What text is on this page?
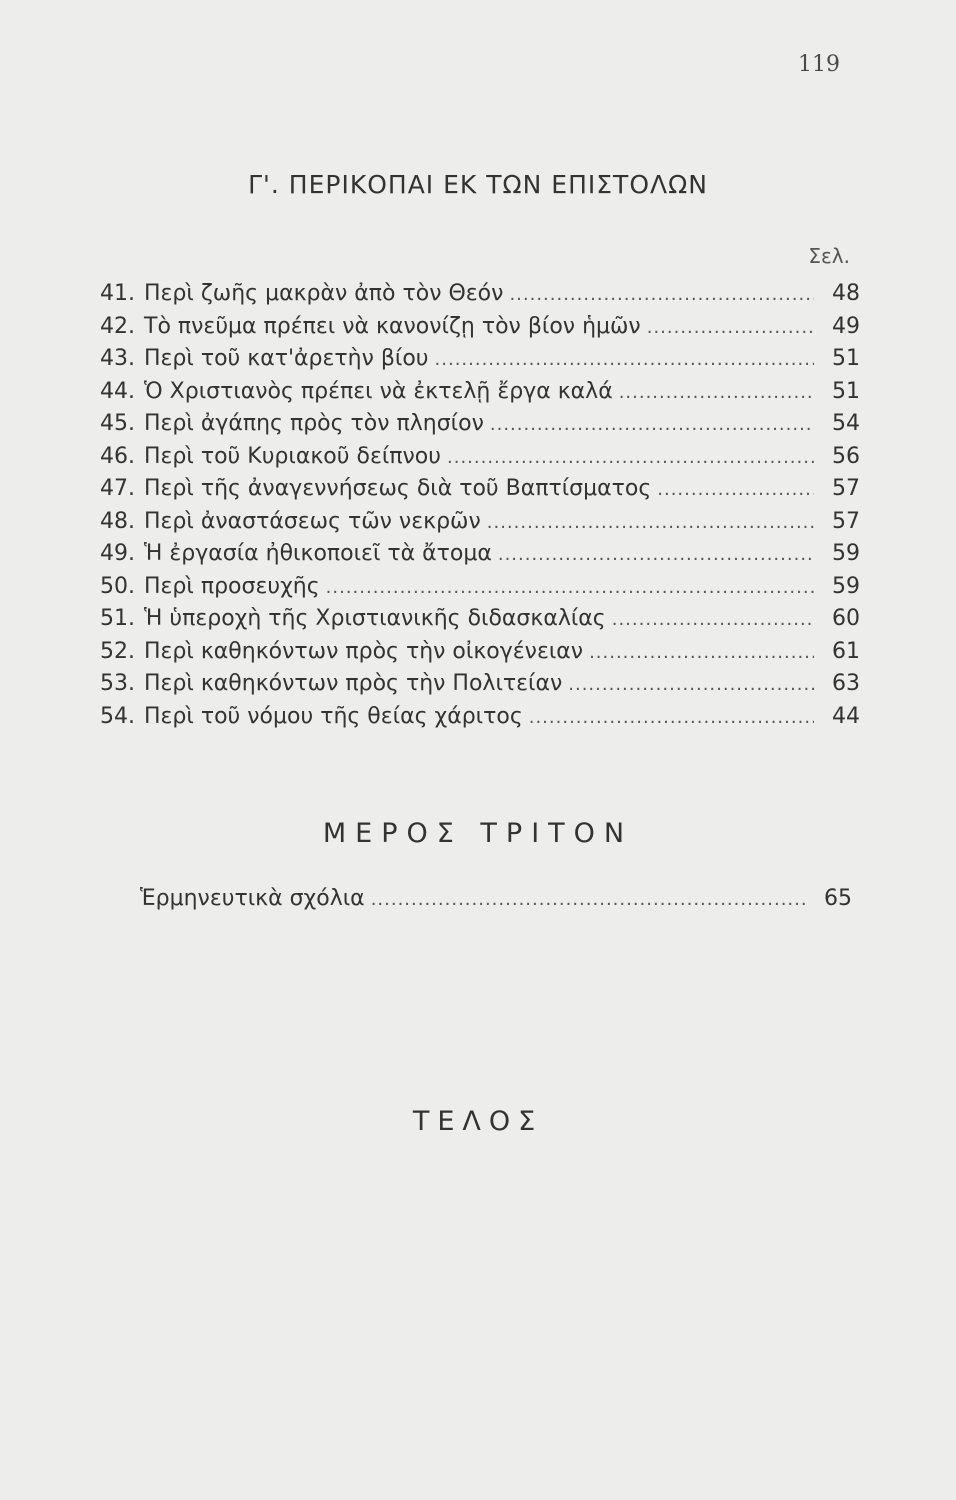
119
Γ'. ΠΕΡΙΚΟΠΑΙ ΕΚ ΤΩΝ ΕΠΙΣΤΟΛΩΝ
Σελ.
41. Περὶ ζωῆς μακρὰν ἀπὸ τὸν Θεόν .....	48
42. Τὸ πνεῦμα πρέπει νὰ κανονίζῃ τὸν βίον ἡμῶν .....	49
43. Περὶ τοῦ κατ'ἀρετὴν βίου .....	51
44. Ὁ Χριστιανὸς πρέπει νὰ ἐκτελῇ ἔργα καλά .....	51
45. Περὶ ἀγάπης πρὸς τὸν πλησίον .....	54
46. Περὶ τοῦ Κυριακοῦ δείπνου .....	56
47. Περὶ τῆς ἀναγεννήσεως διὰ τοῦ Βαπτίσματος .....	57
48. Περὶ ἀναστάσεως τῶν νεκρῶν .....	57
49. Ἡ ἐργασία ἠθικοποιεῖ τὰ ἄτομα .....	59
50. Περὶ προσευχῆς .....	59
51. Ἡ ὑπεροχὴ τῆς Χριστιανικῆς διδασκαλίας .....	60
52. Περὶ καθηκόντων πρὸς τὴν οἰκογένειαν .....	61
53. Περὶ καθηκόντων πρὸς τὴν Πολιτείαν .....	63
54. Περὶ τοῦ νόμου τῆς θείας χάριτος .....	44
ΜΕΡΟΣ ΤΡΙΤΟΝ
Ἑρμηνευτικὰ σχόλια .....	65
ΤΕΛΟΣ
